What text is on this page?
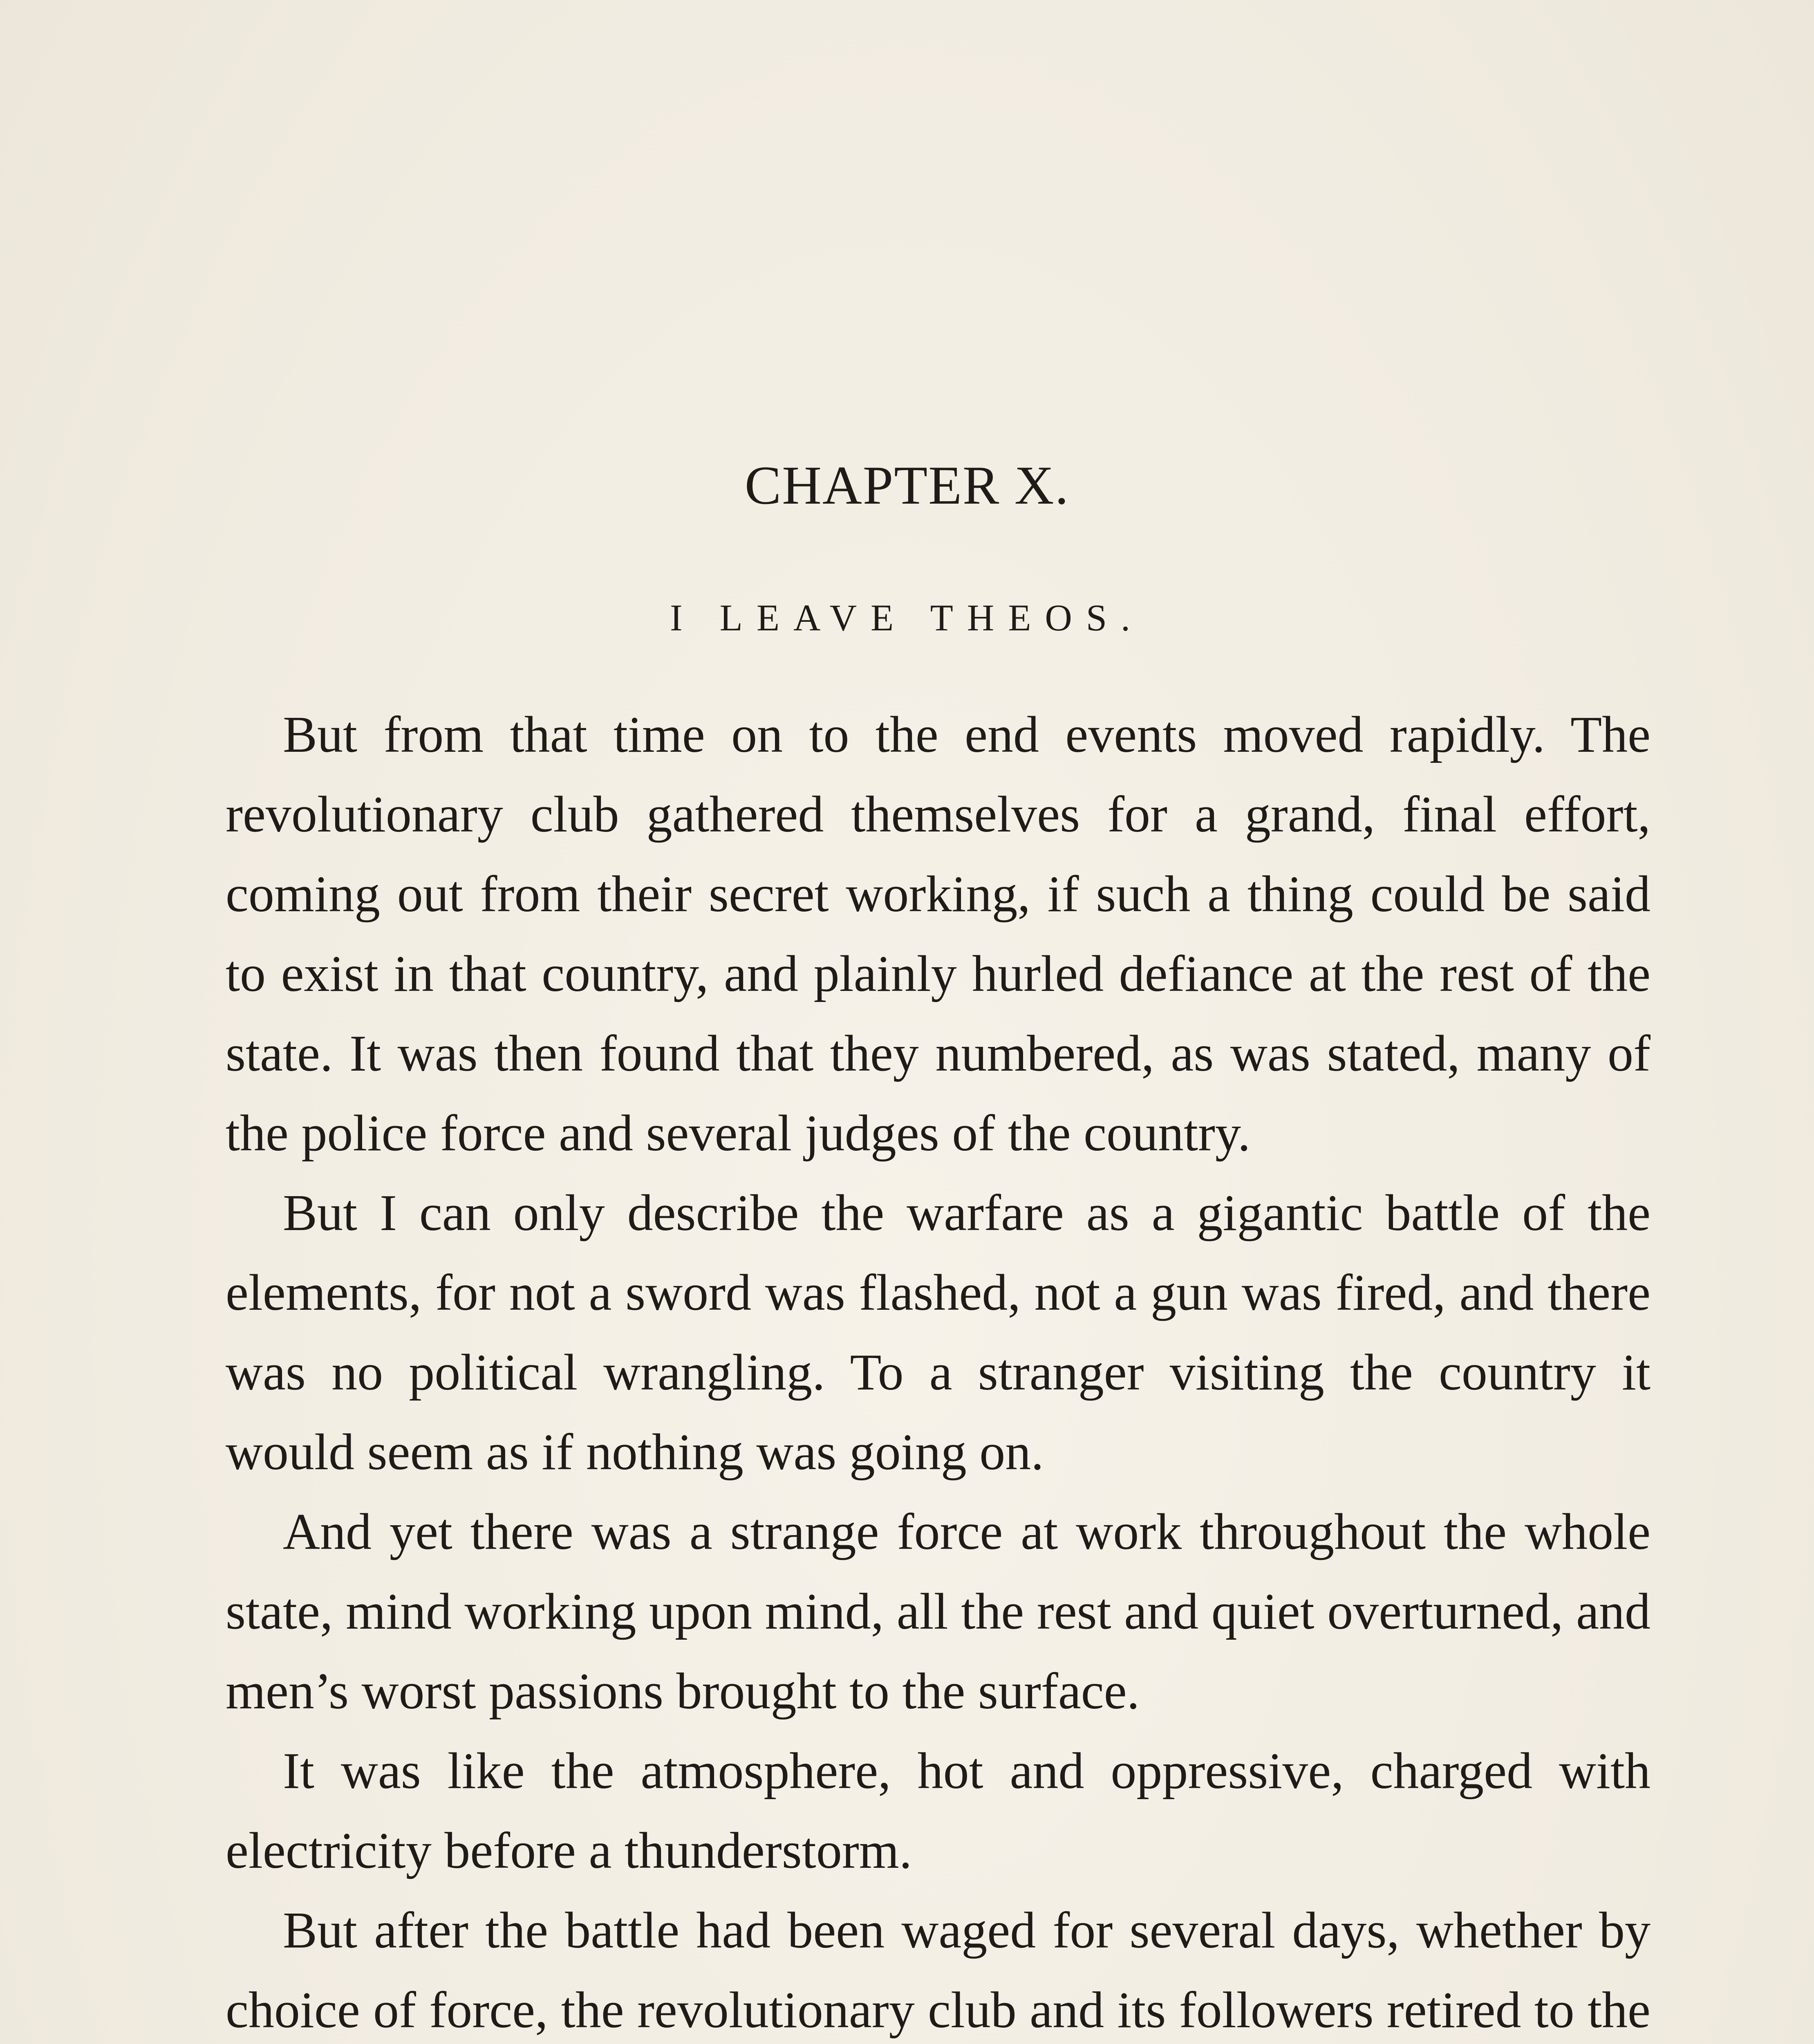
CHAPTER X.
I LEAVE THEOS.

But from that time on to the end events moved rapidly. The revolutionary club gathered themselves for a grand, final effort, coming out from their secret working, if such a thing could be said to exist in that country, and plainly hurled defiance at the rest of the state. It was then found that they numbered, as was stated, many of the police force and several judges of the country.

But I can only describe the warfare as a gigantic battle of the elements, for not a sword was flashed, not a gun was fired, and there was no political wrangling. To a stranger visiting the country it would seem as if nothing was going on.

And yet there was a strange force at work throughout the whole state, mind working upon mind, all the rest and quiet overturned, and men’s worst passions brought to the surface.

It was like the atmosphere, hot and oppressive, charged with electricity before a thunderstorm.

But after the battle had been waged for several days, whether by choice of force, the revolutionary club and its followers retired to the
